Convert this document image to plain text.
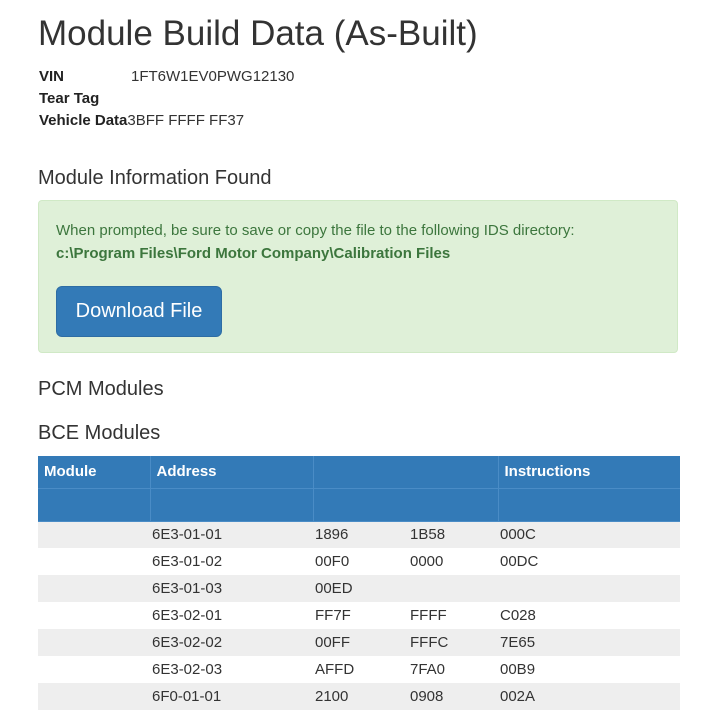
Module Build Data (As-Built)
VIN	1FT6W1EV0PWG12130
Tear Tag
Vehicle Data 3BFF FFFF FF37
Module Information Found
When prompted, be sure to save or copy the file to the following IDS directory:
c:\Program Files\Ford Motor Company\Calibration Files
Download File
PCM Modules
BCE Modules
Module	Address			Instructions

	6E3-01-01	1896	1B58	000C
	6E3-01-02	00F0	0000	00DC
	6E3-01-03	00ED		
	6E3-02-01	FF7F	FFFF	C028
	6E3-02-02	00FF	FFFC	7E65
	6E3-02-03	AFFD	7FA0	00B9
	6F0-01-01	2100	0908	002A
